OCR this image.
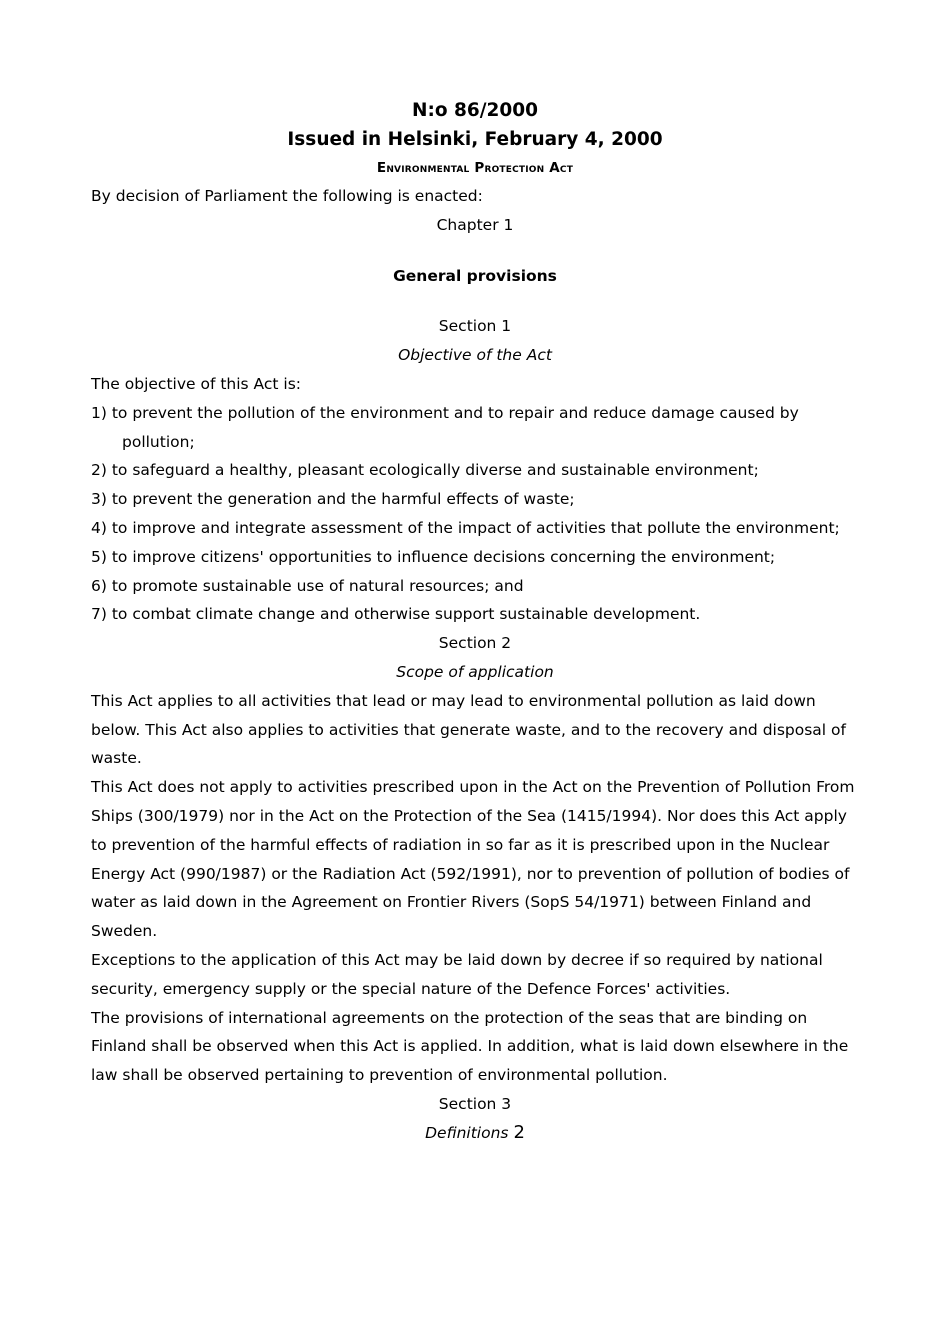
N:o 86/2000
Issued in Helsinki, February 4, 2000
Environmental Protection Act
By decision of Parliament the following is enacted:
Chapter 1
General provisions
Section 1
Objective of the Act
The objective of this Act is:
1) to prevent the pollution of the environment and to repair and reduce damage caused by pollution;
2) to safeguard a healthy, pleasant ecologically diverse and sustainable environment;
3) to prevent the generation and the harmful effects of waste;
4) to improve and integrate assessment of the impact of activities that pollute the environment;
5) to improve citizens' opportunities to influence decisions concerning the environment;
6) to promote sustainable use of natural resources; and
7) to combat climate change and otherwise support sustainable development.
Section 2
Scope of application
This Act applies to all activities that lead or may lead to environmental pollution as laid down below. This Act also applies to activities that generate waste, and to the recovery and disposal of waste.
This Act does not apply to activities prescribed upon in the Act on the Prevention of Pollution From Ships (300/1979) nor in the Act on the Protection of the Sea (1415/1994). Nor does this Act apply to prevention of the harmful effects of radiation in so far as it is prescribed upon in the Nuclear Energy Act (990/1987) or the Radiation Act (592/1991), nor to prevention of pollution of bodies of water as laid down in the Agreement on Frontier Rivers (SopS 54/1971) between Finland and Sweden.
Exceptions to the application of this Act may be laid down by decree if so required by national security, emergency supply or the special nature of the Defence Forces' activities.
The provisions of international agreements on the protection of the seas that are binding on Finland shall be observed when this Act is applied. In addition, what is laid down elsewhere in the law shall be observed pertaining to prevention of environmental pollution.
Section 3
Definitions 2
